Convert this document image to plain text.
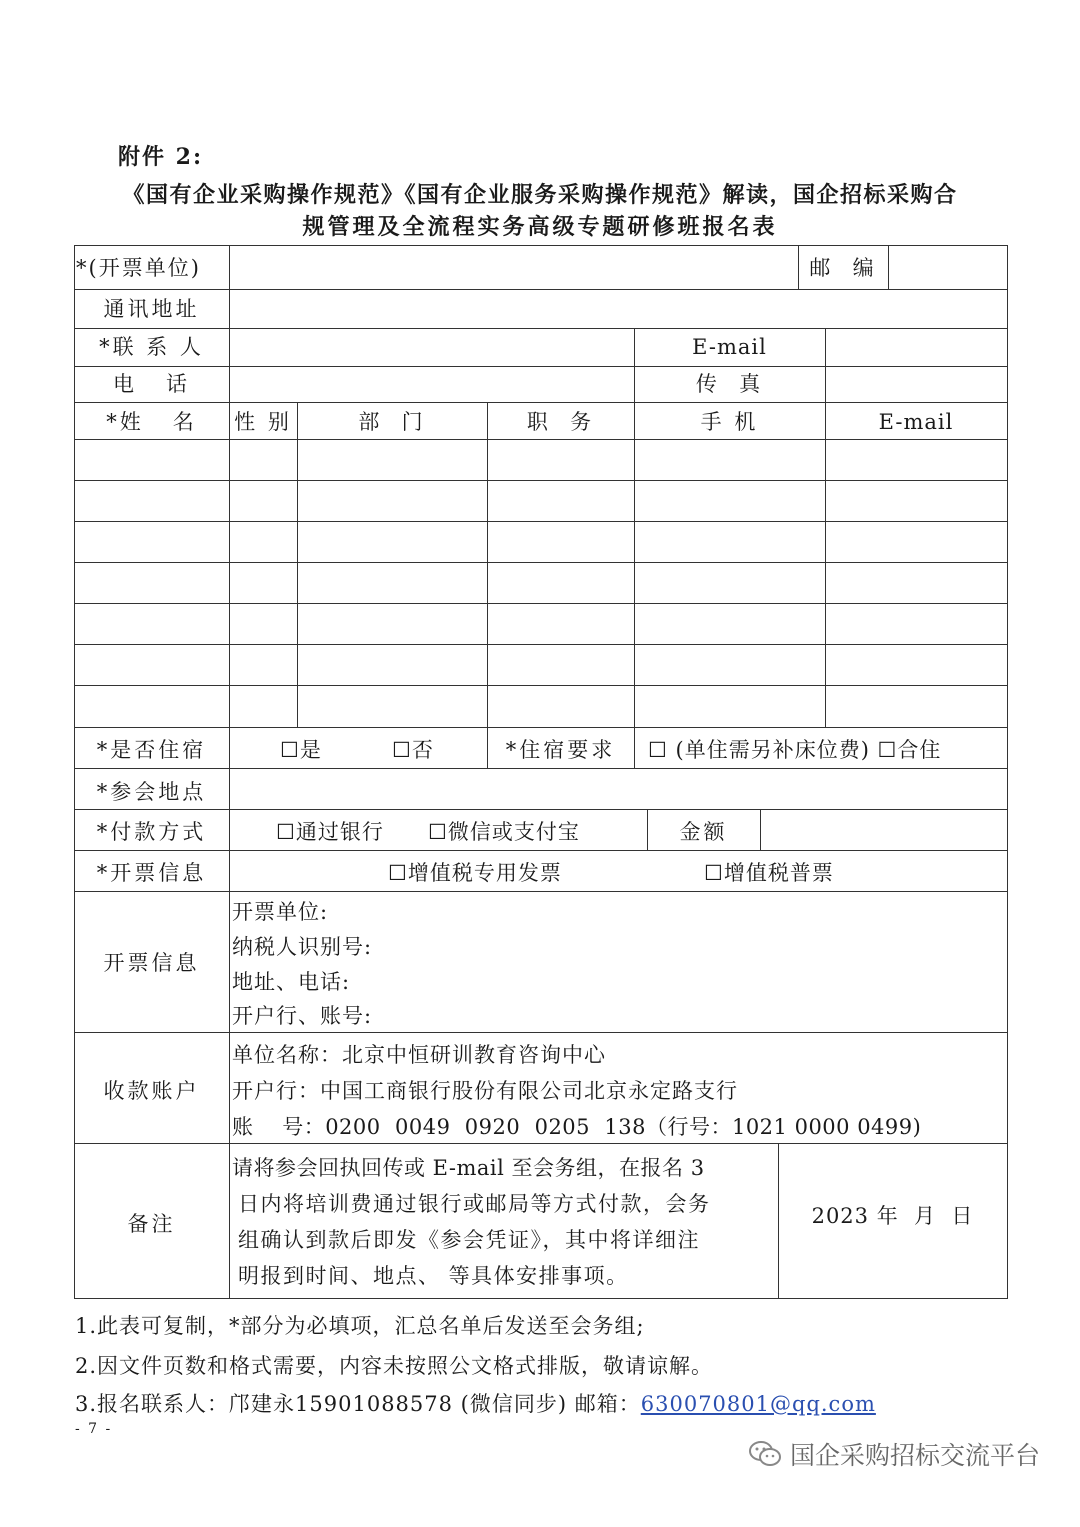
附件 2:
《国有企业采购操作规范》《国有企业服务采购操作规范》解读，国企招标采购合
规管理及全流程实务高级专题研修班报名表
*(开票单位)	邮  编
通讯地址
*联 系 人	E-mail
电   话	传  真
*姓   名	性 别	部  门	职  务	手 机	E-mail
*是否住宿	☐是	☐否	*住宿要求	☐ (单住需另补床位费) ☐合住
*参会地点
*付款方式	☐通过银行 ☐微信或支付宝	金额
*开票信息	☐增值税专用发票	☐增值税普票
开票信息
开票单位:
纳税人识别号:
地址、电话:
开户行、账号:
收款账户
单位名称：北京中恒研训教育咨询中心
开户行：中国工商银行股份有限公司北京永定路支行
账    号：0200  0049  0920  0205  138（行号：1021 0000 0499)
备注
请将参会回执回传或 E-mail 至会务组，在报名 3
日内将培训费通过银行或邮局等方式付款，会务
组确认到款后即发《参会凭证》，其中将详细注
明报到时间、地点、 等具体安排事项。
2023 年  月  日
1.此表可复制，*部分为必填项，汇总名单后发送至会务组;
2.因文件页数和格式需要，内容未按照公文格式排版，敬请谅解。
3.报名联系人：邝建永15901088578 (微信同步) 邮箱：630070801@qq.com
- 7 -
国企采购招标交流平台
